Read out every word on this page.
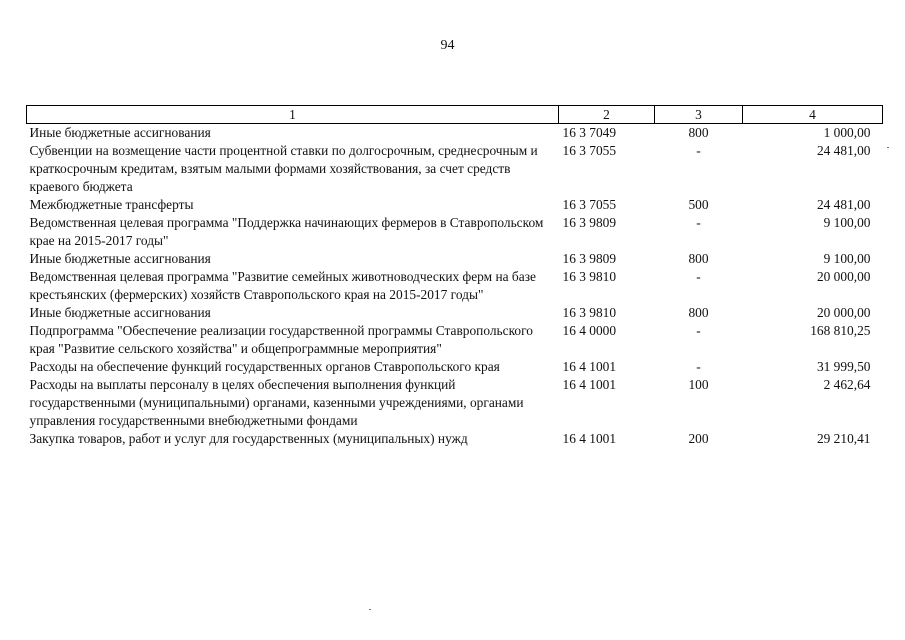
94
1	2	3	4
Иные бюджетные ассигнования	16 3 7049	800	1 000,00
Субвенции на возмещение части процентной ставки по долгосрочным, среднесрочным и краткосрочным кредитам, взятым малыми формами хозяйствования, за счет средств краевого бюджета	16 3 7055	-	24 481,00
Межбюджетные трансферты	16 3 7055	500	24 481,00
Ведомственная целевая программа "Поддержка начинающих фермеров в Ставропольском крае на 2015-2017 годы"	16 3 9809	-	9 100,00
Иные бюджетные ассигнования	16 3 9809	800	9 100,00
Ведомственная целевая программа "Развитие семейных животноводческих ферм на базе крестьянских (фермерских) хозяйств Ставропольского края на 2015-2017 годы"	16 3 9810	-	20 000,00
Иные бюджетные ассигнования	16 3 9810	800	20 000,00
Подпрограмма "Обеспечение реализации государственной программы Ставропольского края "Развитие сельского хозяйства" и общепрограммные мероприятия"	16 4 0000	-	168 810,25
Расходы на обеспечение функций государственных органов Ставропольского края	16 4 1001	-	31 999,50
Расходы на выплаты персоналу в целях обеспечения выполнения функций государственными (муниципальными) органами, казенными учреждениями, органами управления государственными внебюджетными фондами	16 4 1001	100	2 462,64
Закупка товаров, работ и услуг для государственных (муниципальных) нужд	16 4 1001	200	29 210,41
